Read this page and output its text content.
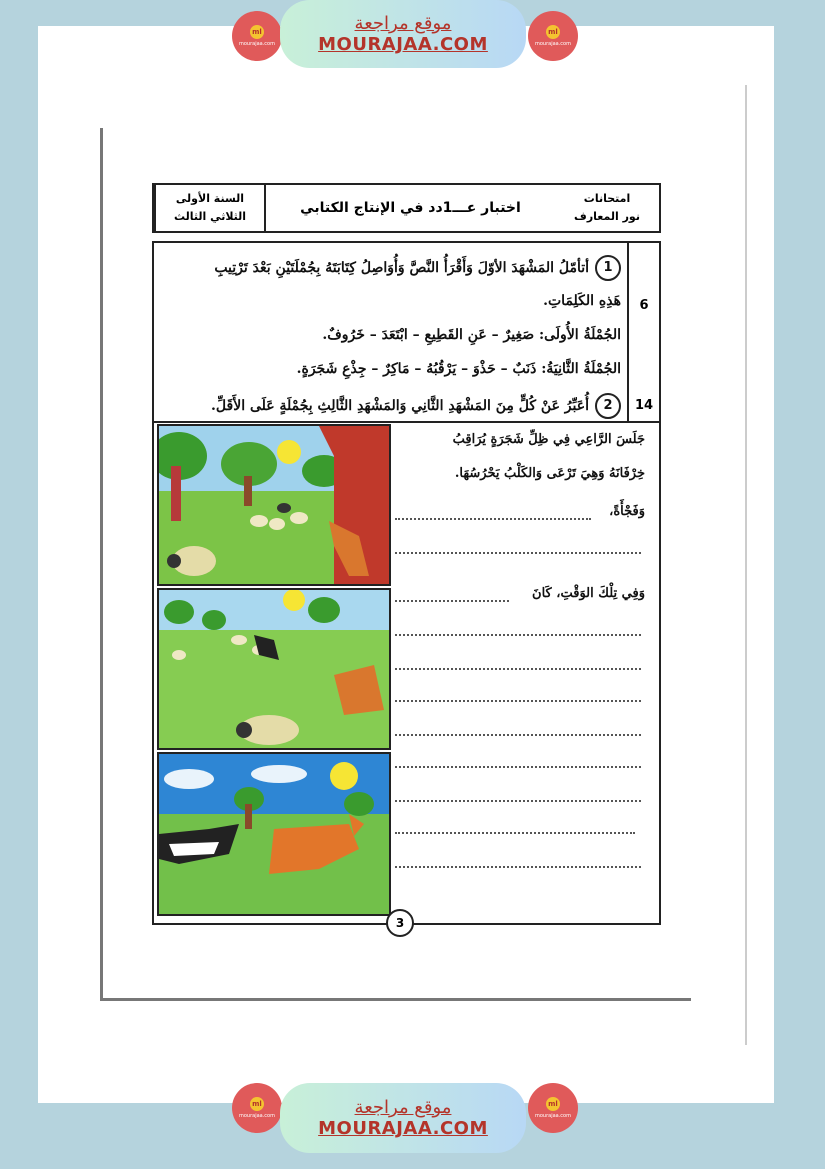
ml
mourajaa.com
موقع مراجعة
MOURAJAA.COM
ml
mourajaa.com
امتحانات
نور المعارف
اختبار عـــ1دد في الإنتاج الكتابي
السنة الأولى
الثلاثي الثالث
6
14
1أتأمّلُ المَشْهَدَ الأوّلَ وَأَقْرَأُ النَّصَّ وَأُوَاصِلُ كِتَابَتَهُ بِجُمْلَتَيْنِ بَعْدَ تَرْتِيبِ
هَذِهِ الكَلِمَاتِ.
الجُمْلَةُ الأُولَى: صَغِيرٌ – عَنِ القَطِيعِ – ابْتَعَدَ – خَرُوفٌ.
الجُمْلَةُ الثَّانِيَةُ: ذَنَبٌ – حَذْوَ – يَرْقُبُهُ – مَاكِرٌ – جِذْعِ شَجَرَةٍ.
2أُعَبِّرُ عَنْ كُلٍّ مِنَ المَشْهَدِ الثَّانِي وَالمَشْهَدِ الثَّالِثِ بِجُمْلَةٍ عَلَى الأَقَلِّ.
جَلَسَ الرَّاعِي فِي ظِلِّ شَجَرَةٍ يُرَاقِبُ
خِرْفَانَهُ وَهِيَ تَرْعَى وَالكَلْبُ يَحْرُسُهَا.
وَفَجْأَةً،
وَفِي تِلْكَ الوَقْتِ، كَانَ
3
ml
mourajaa.com	موقع مراجعة
MOURAJAA.COM
ml
mourajaa.com
